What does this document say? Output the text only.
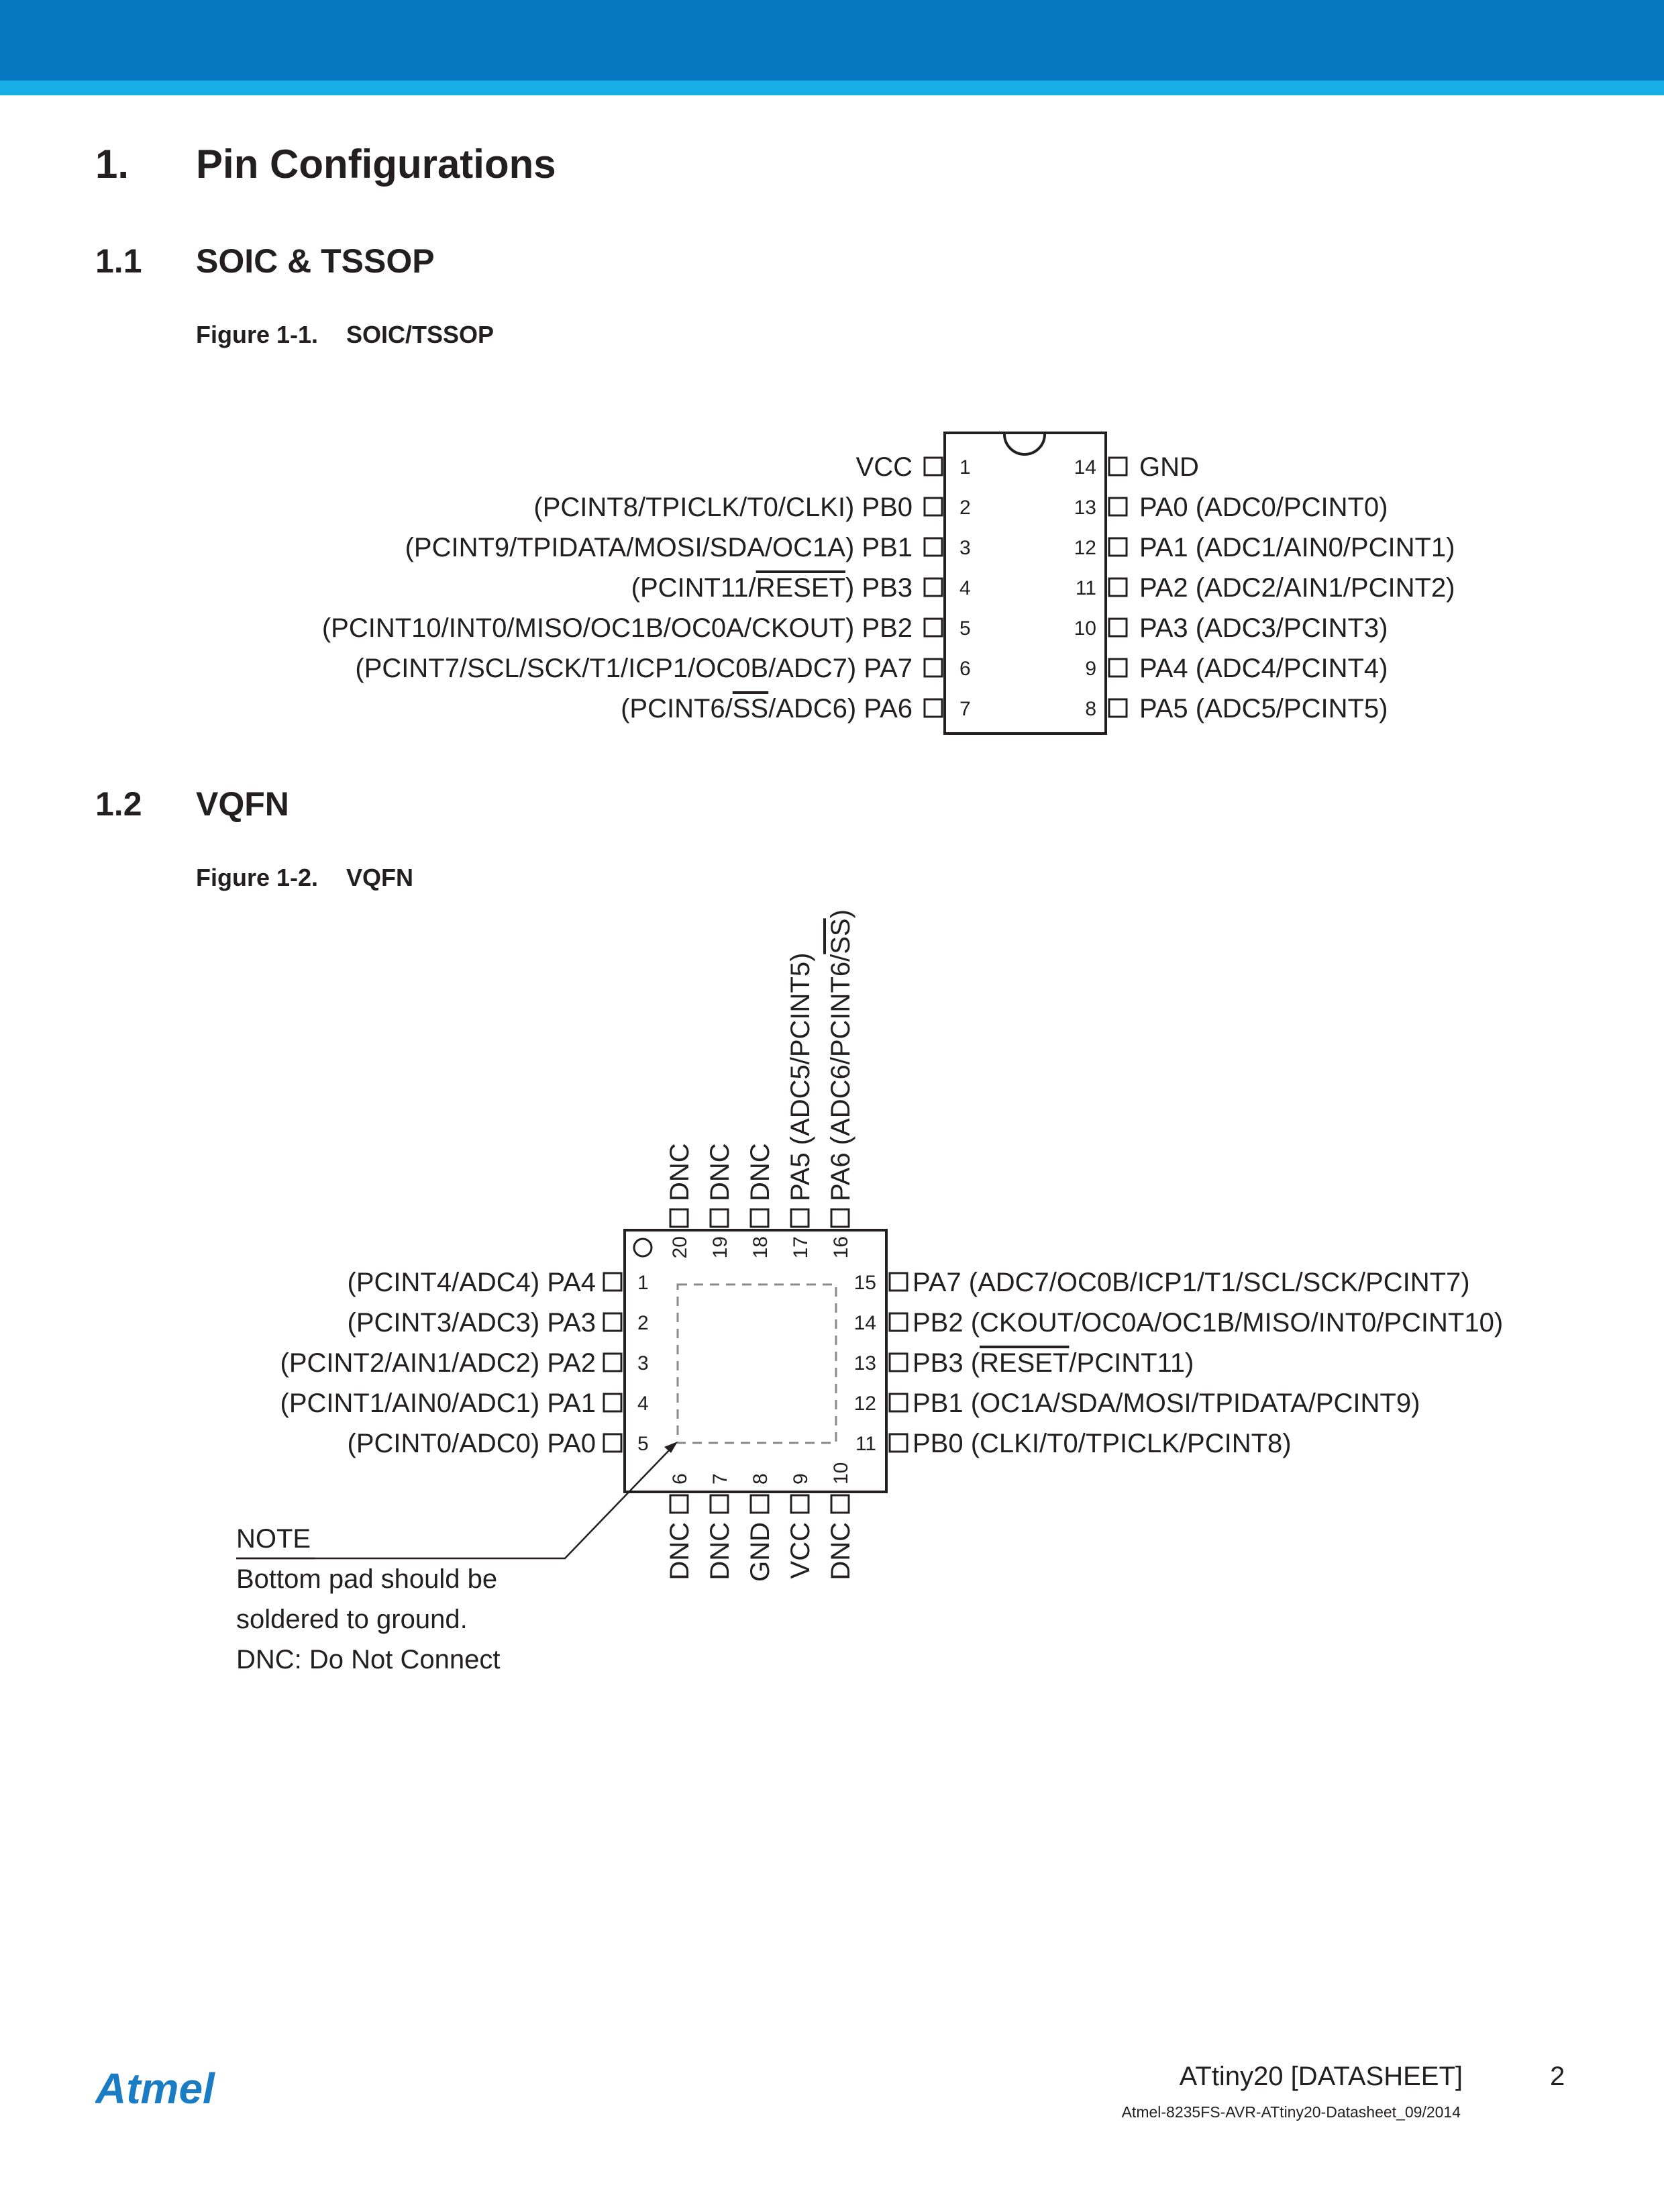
1. Pin Configurations
1.1 SOIC & TSSOP
Figure 1-1. SOIC/TSSOP
1.2 VQFN
Figure 1-2. VQFN
VCC 1
(PCINT8/TPICLK/T0/CLKI) PB0 2
(PCINT9/TPIDATA/MOSI/SDA/OC1A) PB1 3
(PCINT11/RESET) PB3 4
(PCINT10/INT0/MISO/OC1B/OC0A/CKOUT) PB2 5
(PCINT7/SCL/SCK/T1/ICP1/OC0B/ADC7) PA7 6
(PCINT6/SS/ADC6) PA6 7
GND
14
PA0 (ADC0/PCINT0)
13
PA1 (ADC1/AIN0/PCINT1)
12
PA2 (ADC2/AIN1/PCINT2)
11
PA3 (ADC3/PCINT3)
10
PA4 (ADC4/PCINT4)
9
PA5 (ADC5/PCINT5)
8
(PCINT4/ADC4) PA4 1
(PCINT3/ADC3) PA3 2
(PCINT2/AIN1/ADC2) PA2 3
(PCINT1/AIN0/ADC1) PA1 4
(PCINT0/ADC0) PA0 5
PA7 (ADC7/OC0B/ICP1/T1/SCL/SCK/PCINT7)
15
PB2 (CKOUT/OC0A/OC1B/MISO/INT0/PCINT10)
14
PB3 (RESET/PCINT11)
13
PB1 (OC1A/SDA/MOSI/TPIDATA/PCINT9)
12
PB0 (CLKI/T0/TPICLK/PCINT8)
11
DNC
20
DNC
19
DNC
18
PA5 (ADC5/PCINT5)
17
PA6 (ADC6/PCINT6/SS)
16
DNC
6
DNC
7
GND
8
VCC
9
DNC
10
NOTE
Bottom pad should be
soldered to ground.
DNC: Do Not Connect
Atmel	ATtiny20 [DATASHEET]	2
Atmel-8235FS-AVR-ATtiny20-Datasheet_09/2014
